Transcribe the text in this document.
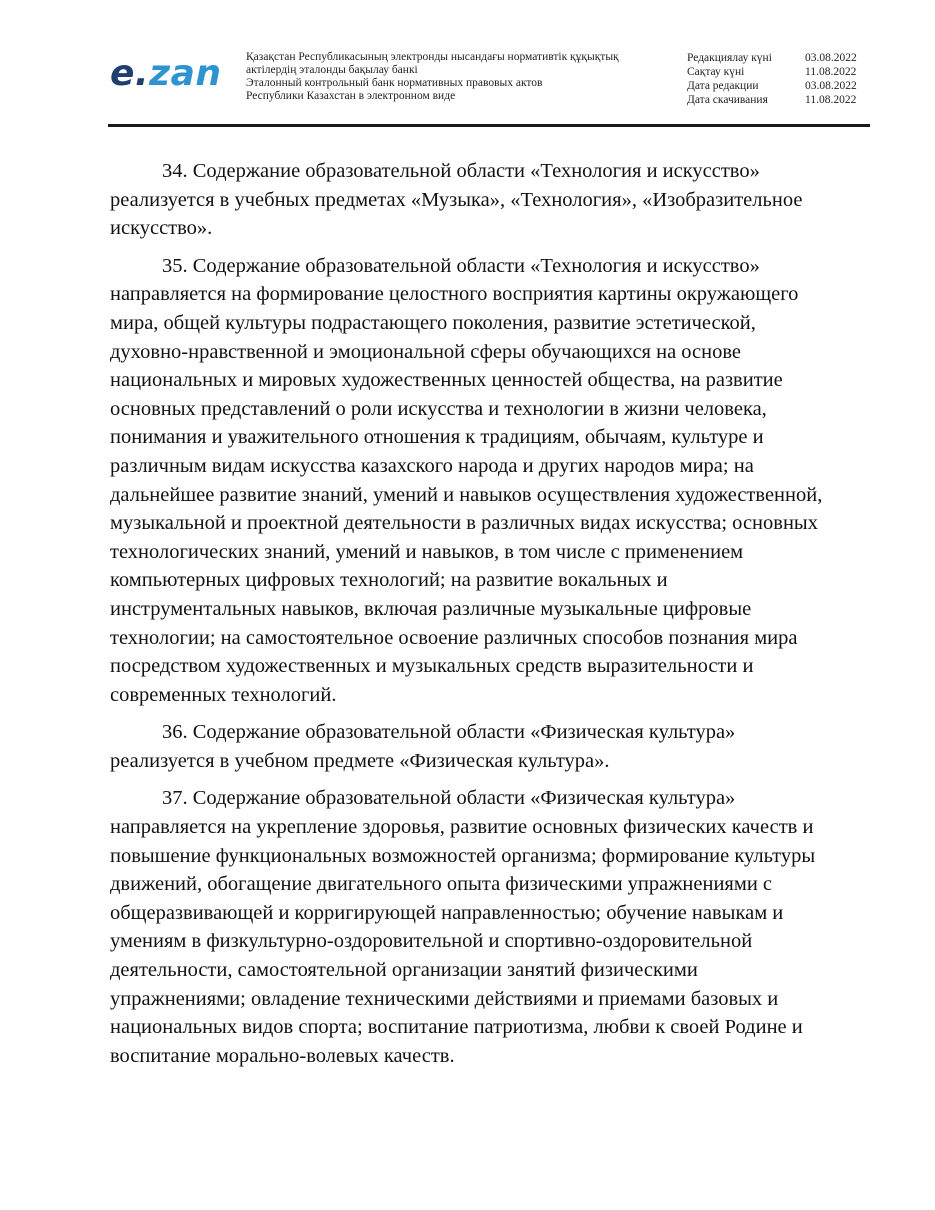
e.zan Қазақстан Республикасының электронды нысандағы нормативтік құқықтық
актілердің эталонды бақылау банкі
Эталонный контрольный банк нормативных правовых актов
Республики Казахстан в электронном виде
Редакциялау күні	03.08.2022
Сақтау күні	11.08.2022
Дата редакции	03.08.2022
Дата скачивания	11.08.2022

34. Содержание образовательной области «Технология и искусство»
реализуется в учебных предметах «Музыка», «Технология», «Изобразительное
искусство».

35. Содержание образовательной области «Технология и искусство»
направляется на формирование целостного восприятия картины окружающего
мира, общей культуры подрастающего поколения, развитие эстетической,
духовно-нравственной и эмоциональной сферы обучающихся на основе
национальных и мировых художественных ценностей общества, на развитие
основных представлений о роли искусства и технологии в жизни человека,
понимания и уважительного отношения к традициям, обычаям, культуре и
различным видам искусства казахского народа и других народов мира; на
дальнейшее развитие знаний, умений и навыков осуществления художественной,
музыкальной и проектной деятельности в различных видах искусства; основных
технологических знаний, умений и навыков, в том числе с применением
компьютерных цифровых технологий; на развитие вокальных и
инструментальных навыков, включая различные музыкальные цифровые
технологии; на самостоятельное освоение различных способов познания мира
посредством художественных и музыкальных средств выразительности и
современных технологий.

36. Содержание образовательной области «Физическая культура»
реализуется в учебном предмете «Физическая культура».

37. Содержание образовательной области «Физическая культура»
направляется на укрепление здоровья, развитие основных физических качеств и
повышение функциональных возможностей организма; формирование культуры
движений, обогащение двигательного опыта физическими упражнениями с
общеразвивающей и корригирующей направленностью; обучение навыкам и
умениям в физкультурно-оздоровительной и спортивно-оздоровительной
деятельности, самостоятельной организации занятий физическими
упражнениями; овладение техническими действиями и приемами базовых и
национальных видов спорта; воспитание патриотизма, любви к своей Родине и
воспитание морально-волевых качеств.
